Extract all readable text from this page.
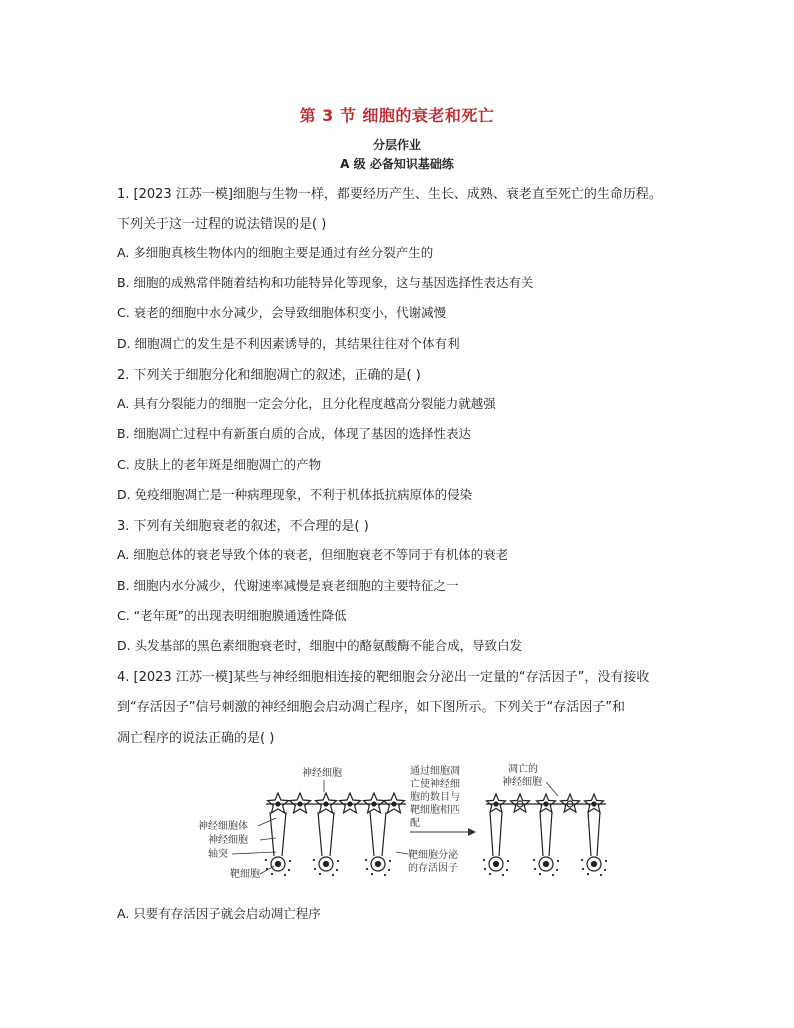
第 3 节 细胞的衰老和死亡
分层作业
A 级 必备知识基础练
1. [2023 江苏一模]细胞与生物一样，都要经历产生、生长、成熟、衰老直至死亡的生命历程。
下列关于这一过程的说法错误的是( )
A. 多细胞真核生物体内的细胞主要是通过有丝分裂产生的
B. 细胞的成熟常伴随着结构和功能特异化等现象，这与基因选择性表达有关
C. 衰老的细胞中水分减少，会导致细胞体积变小，代谢减慢
D. 细胞凋亡的发生是不利因素诱导的，其结果往往对个体有利
2. 下列关于细胞分化和细胞凋亡的叙述，正确的是( )
A. 具有分裂能力的细胞一定会分化，且分化程度越高分裂能力就越强
B. 细胞凋亡过程中有新蛋白质的合成，体现了基因的选择性表达
C. 皮肤上的老年斑是细胞凋亡的产物
D. 免疫细胞凋亡是一种病理现象，不利于机体抵抗病原体的侵染
3. 下列有关细胞衰老的叙述，不合理的是( )
A. 细胞总体的衰老导致个体的衰老，但细胞衰老不等同于有机体的衰老
B. 细胞内水分减少，代谢速率减慢是衰老细胞的主要特征之一
C. “老年斑”的出现表明细胞膜通透性降低
D. 头发基部的黑色素细胞衰老时，细胞中的酪氨酸酶不能合成，导致白发
4. [2023 江苏一模]某些与神经细胞相连接的靶细胞会分泌出一定量的“存活因子”，没有接收
到“存活因子”信号刺激的神经细胞会启动凋亡程序，如下图所示。下列关于“存活因子”和
凋亡程序的说法正确的是( )
神经细胞
神经细胞体
神经细胞
轴突
靶细胞
通过细胞凋
亡使神经细
胞的数目与
靶细胞相匹
配
靶细胞分泌
的存活因子
凋亡的
神经细胞
A. 只要有存活因子就会启动凋亡程序
